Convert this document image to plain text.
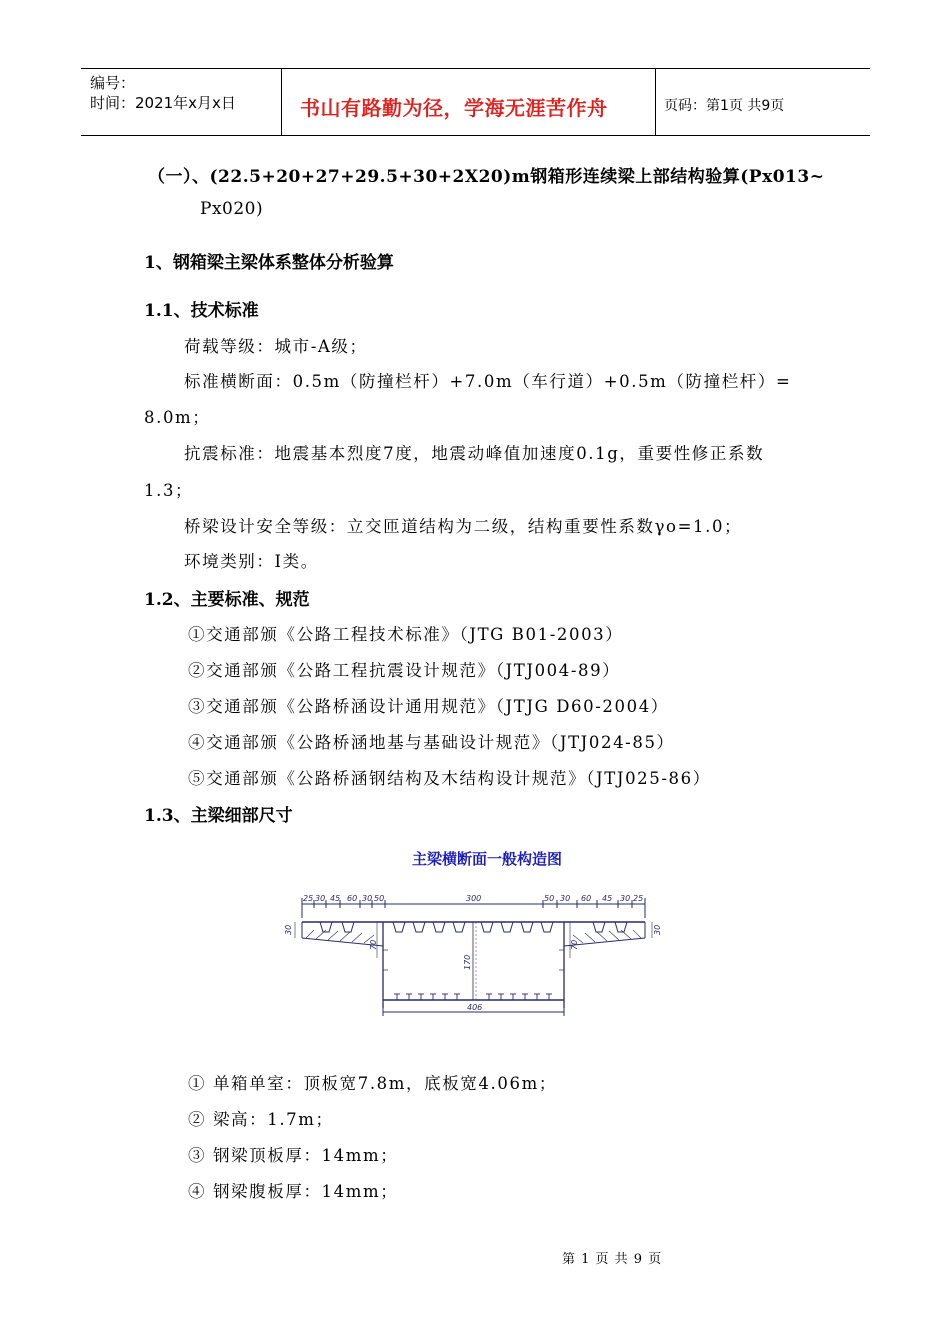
编号：
时间：2021年x月x日	书山有路勤为径，学海无涯苦作舟	页码：第1页 共9页
（一）、(22.5+20+27+29.5+30+2X20)m钢箱形连续梁上部结构验算(Px013~
Px020)
1、钢箱梁主梁体系整体分析验算
1.1、技术标准
荷载等级：城市-A级；
标准横断面：0.5m（防撞栏杆）+7.0m（车行道）+0.5m（防撞栏杆）=
8.0m；
抗震标准：地震基本烈度7度，地震动峰值加速度0.1g，重要性修正系数
1.3；
桥梁设计安全等级：立交匝道结构为二级，结构重要性系数γo=1.0；
环境类别：I类。
1.2、主要标准、规范
①交通部颁《公路工程技术标准》（JTG B01-2003）
②交通部颁《公路工程抗震设计规范》（JTJ004-89）
③交通部颁《公路桥涵设计通用规范》（JTJG D60-2004）
④交通部颁《公路桥涵地基与基础设计规范》（JTJ024-85）
⑤交通部颁《公路桥涵钢结构及木结构设计规范》（JTJ025-86）
1.3、主梁细部尺寸
主梁横断面一般构造图
25 30 45 60 30 50	300	50 30 60 45 30 25
30	30
70	70
170
406
① 单箱单室：顶板宽7.8m，底板宽4.06m；
② 梁高：1.7m；
③ 钢梁顶板厚：14mm；
④ 钢梁腹板厚：14mm；
第 1 页 共 9 页
